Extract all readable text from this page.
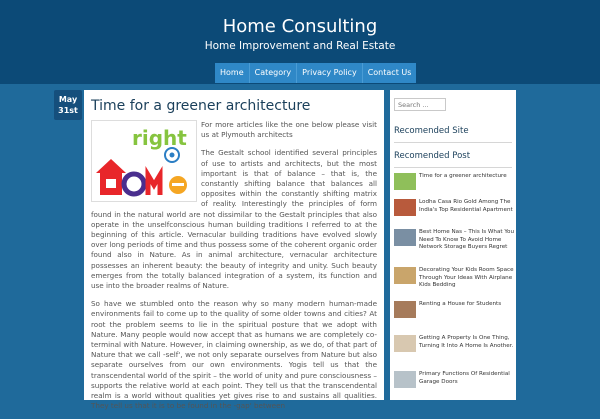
Home Consulting
Home Improvement and Real Estate
Home	Category	Privacy Policy	Contact Us
May
31st Time for a greener architecture
right

For more articles like the one below please visit us at Plymouth architects

The Gestalt school identified several principles of use to artists and architects, but the most important is that of balance – that is, the constantly shifting balance that balances all opposites within the constantly shifting matrix of reality. Interestingly the principles of form found in the natural world are not dissimilar to the Gestalt principles that also operate in the unselfconscious human building traditions I referred to at the beginning of this article. Vernacular building traditions have evolved slowly over long periods of time and thus possess some of the coherent organic order found also in Nature. As in animal architecture, vernacular architecture possesses an inherent beauty: the beauty of integrity and unity. Such beauty emerges from the totally balanced integration of a system, its function and use into the broader realms of Nature.

So have we stumbled onto the reason why so many modern human-made environments fail to come up to the quality of some older towns and cities? At root the problem seems to lie in the spiritual posture that we adopt with Nature. Many people would now accept that as humans we are completely co-terminal with Nature. However, in claiming ownership, as we do, of that part of Nature that we call -self', we not only separate ourselves from Nature but also separate ourselves from our own environments. Yogis tell us that the transcendental world of the spirit – the world of unity and pure consciousness – supports the relative world at each point. They tell us that the transcendental realm is a world without qualities yet gives rise to and sustains all qualities. They tell us that it is to be found in the -gap' between

Search ...
Recomended Site
Recomended Post
Time for a greener architecture
Lodha Casa Rio Gold Among The India's Top Residential Apartment
Best Home Nas – This Is What You Need To Know To Avoid Home Network Storage Buyers Regret
Decorating Your Kids Room Space Through Your Ideas With Airplane Kids Bedding
Renting a House for Students
Getting A Property Is One Thing, Turning It Into A Home Is Another.
Primary Functions Of Residential Garage Doors
